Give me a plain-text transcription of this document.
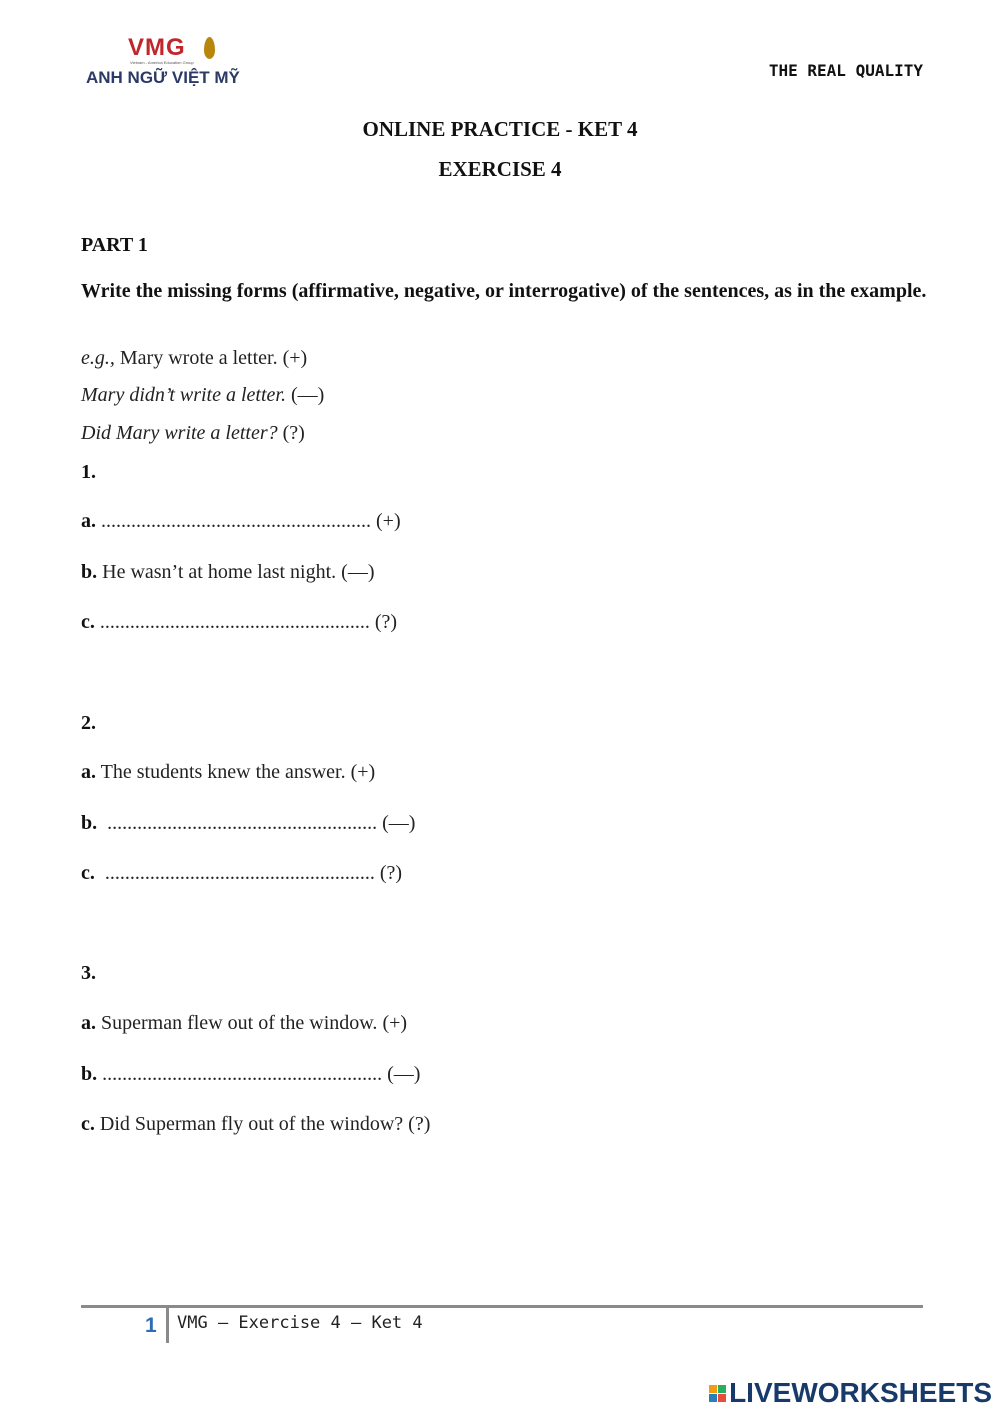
VMG
Vietnam - America Education Group
ANH NGỮ VIỆT MỸ	THE REAL QUALITY
ONLINE PRACTICE - KET 4
EXERCISE 4
PART 1
Write the missing forms (affirmative, negative, or interrogative) of the sentences, as in the example.
e.g., Mary wrote a letter. (+)
Mary didn’t write a letter. (—)
Did Mary write a letter? (?)
1.
a. ...................................................... (+)
b. He wasn’t at home last night. (—)
c. ...................................................... (?)
2.
a. The students knew the answer. (+)
b. ...................................................... (—)
c. ...................................................... (?)
3.
a. Superman flew out of the window. (+)
b. ........................................................ (—)
c. Did Superman fly out of the window? (?)
1 VMG – Exercise 4 – Ket 4
LIVEWORKSHEETS
